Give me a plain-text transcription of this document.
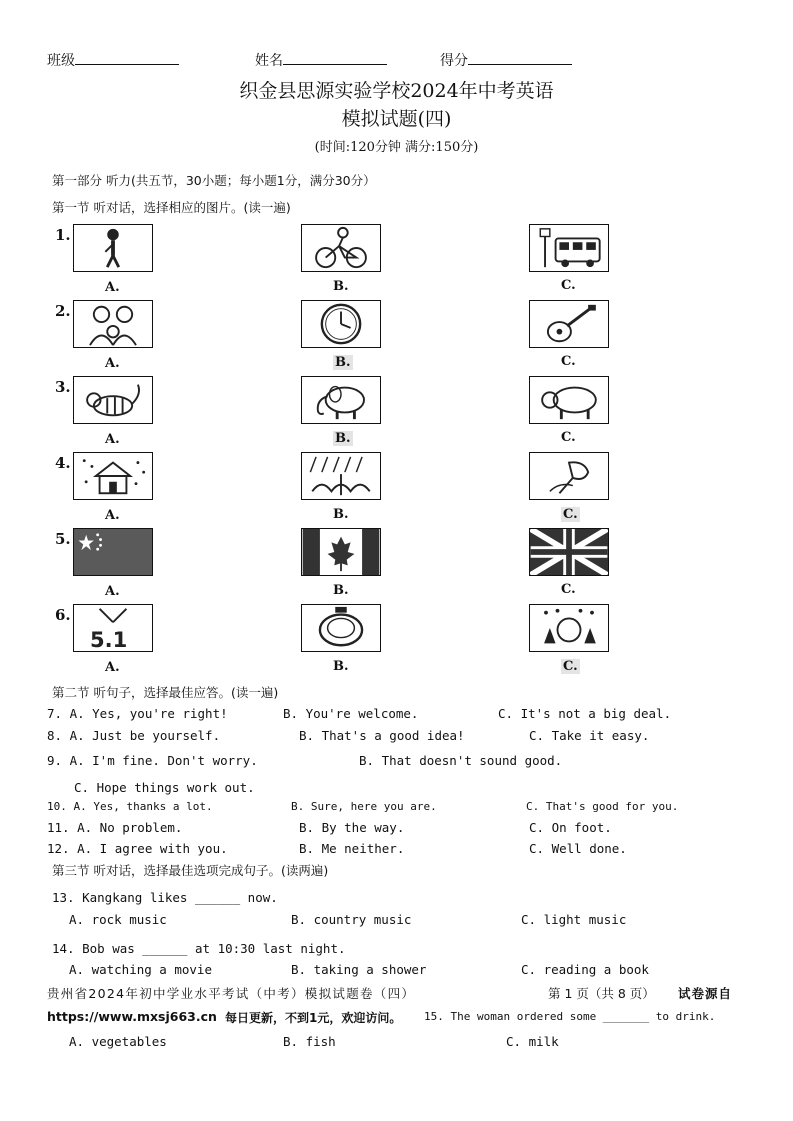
班级	姓名	得分
织金县思源实验学校2024年中考英语
模拟试题(四)
(时间:120分钟 满分:150分)
第一部分 听力(共五节，30小题；每小题1分，满分30分）
第一节 听对话，选择相应的图片。(读一遍)
1.
A.	B.	C.
2.
A.	B.	C.
3.
A.	B.	C.
4.
A.	B.	C.
5.
A.	B.	C.
6.
5.1
A.	B.	C.
第二节 听句子，选择最佳应答。(读一遍)
7. A. Yes, you're right!	B. You're welcome.	C. It's not a big deal.
8. A. Just be yourself.	B. That's a good idea!	C. Take it easy.
9. A. I'm fine. Don't worry.	B. That doesn't sound good.
C. Hope things work out.
10. A. Yes, thanks a lot.	B. Sure, here you are.	C. That's good for you.
11. A. No problem.	B. By the way.	C. On foot.
12. A. I agree with you.	B. Me neither.	C. Well done.
第三节 听对话，选择最佳选项完成句子。(读两遍)
13. Kangkang likes ______ now.
A. rock music	B. country music	C. light music
14. Bob was ______ at 10:30 last night.
A. watching a movie	B. taking a shower	C. reading a book
贵州省2024年初中学业水平考试（中考）模拟试题卷（四）	第 1 页（共 8 页） 试卷源自
https://www.mxsj663.cn 每日更新，不到1元，欢迎访问。 15. The woman ordered some _______ to drink.
A. vegetables	B. fish	C. milk
